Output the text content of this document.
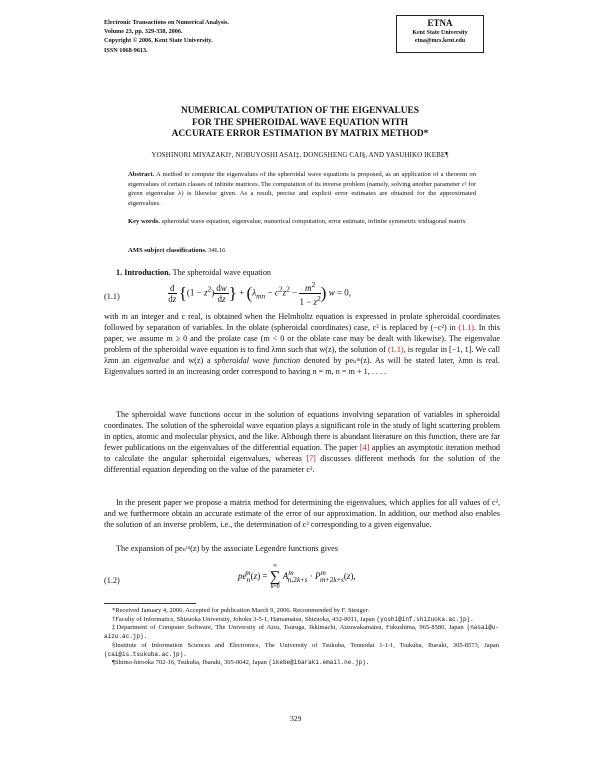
Electronic Transactions on Numerical Analysis.
Volume 23, pp. 329-338, 2006.
Copyright © 2006, Kent State University.
ISSN 1068-9613.
ETNA
Kent State University
etna@mcs.kent.edu
NUMERICAL COMPUTATION OF THE EIGENVALUES
FOR THE SPHEROIDAL WAVE EQUATION WITH
ACCURATE ERROR ESTIMATION BY MATRIX METHOD*
YOSHINORI MIYAZAKI†, NOBUYOSHI ASAI‡, DONGSHENG CAI§, AND YASUHIKO IKEBE¶
Abstract. A method to compute the eigenvalues of the spheroidal wave equations is proposed, as an application of a theorem on eigenvalues of certain classes of infinite matrices. The computation of its inverse problem (namely, solving another parameter c² for given eigenvalue λ) is likewise given. As a result, precise and explicit error estimates are obtained for the approximated eigenvalues.
Key words. spheroidal wave equation, eigenvalue, numerical computation, error estimate, infinite symmetric tridiagonal matrix
AMS subject classifications. 34L16
1. Introduction. The spheroidal wave equation
(1.1)	$\frac{d}{dz} \{(1 - z^2) \frac{dw}{dz}$ } + ($\lambda_{mn} - c^2z^2 - \frac{m^2}{1 - z^2}$ ) w = 0,
with m an integer and c real, is obtained when the Helmholtz equation is expressed in prolate spheroidal coordinates followed by separation of variables. In the oblate (spheroidal coordinates) case, c² is replaced by (−c²) in (1.1). In this paper, we assume m ≥ 0 and the prolate case (m < 0 or the oblate case may be dealt with likewise). The eigenvalue problem of the spheroidal wave equation is to find λmn such that w(z), the solution of (1.1), is regular in [−1, 1]. We call λmn an eigenvalue and w(z) a spheroidal wave function denoted by peₙᵐ(z). As will be stated later, λmn is real. Eigenvalues sorted in an increasing order correspond to having n = m, n = m + 1, . . . .
The spheroidal wave functions occur in the solution of equations involving separation of variables in spheroidal coordinates. The solution of the spheroidal wave equation plays a significant role in the study of light scattering problem in optics, atomic and molecular physics, and the like. Although there is abundant literature on this function, there are far fewer publications on the eigenvalues of the differential equation. The paper [4] applies an asymptotic iteration method to calculate the angular spheroidal eigenvalues, whereas [7] discusses different methods for the solution of the differential equation depending on the value of the parameter c².
In the present paper we propose a matrix method for determining the eigenvalues, which applies for all values of c², and we furthermore obtain an accurate estimate of the error of our approximation. In addition, our method also enables the solution of an inverse problem, i.e., the determination of c² corresponding to a given eigenvalue.
The expansion of peₙᵐ(z) by the associate Legendre functions gives
(1.2)	$pe_n^m(z)$ =
∞
∑
k=0
$A^m_{n,2k+s} \cdot P^m_{m+2k+s}(z)$,
*Received January 4, 2006. Accepted for publication March 9, 2006. Recommended by F. Stenger.
†Faculty of Informatics, Shizuoka University, Johoku 3-5-1, Hamamatsu, Shizuoka, 432-8011, Japan (yoshi@inf.shizuoka.ac.jp).
‡Department of Computer Software, The University of Aizu, Tsuruga, Ikkimachi, Aizuwakamatsu, Fukushima, 965-8580, Japan (nasai@u-aizu.ac.jp).
§Institute of Information Sciences and Electronics, The University of Tsukuba, Tennodai 1-1-1, Tsukuba, Ibaraki, 305-8573, Japan (cai@is.tsukuba.ac.jp).
¶Shimo-hirooka 702-16, Tsukuba, Ibaraki, 305-0042, Japan (ikebe@ibaraki.email.ne.jp).
329
